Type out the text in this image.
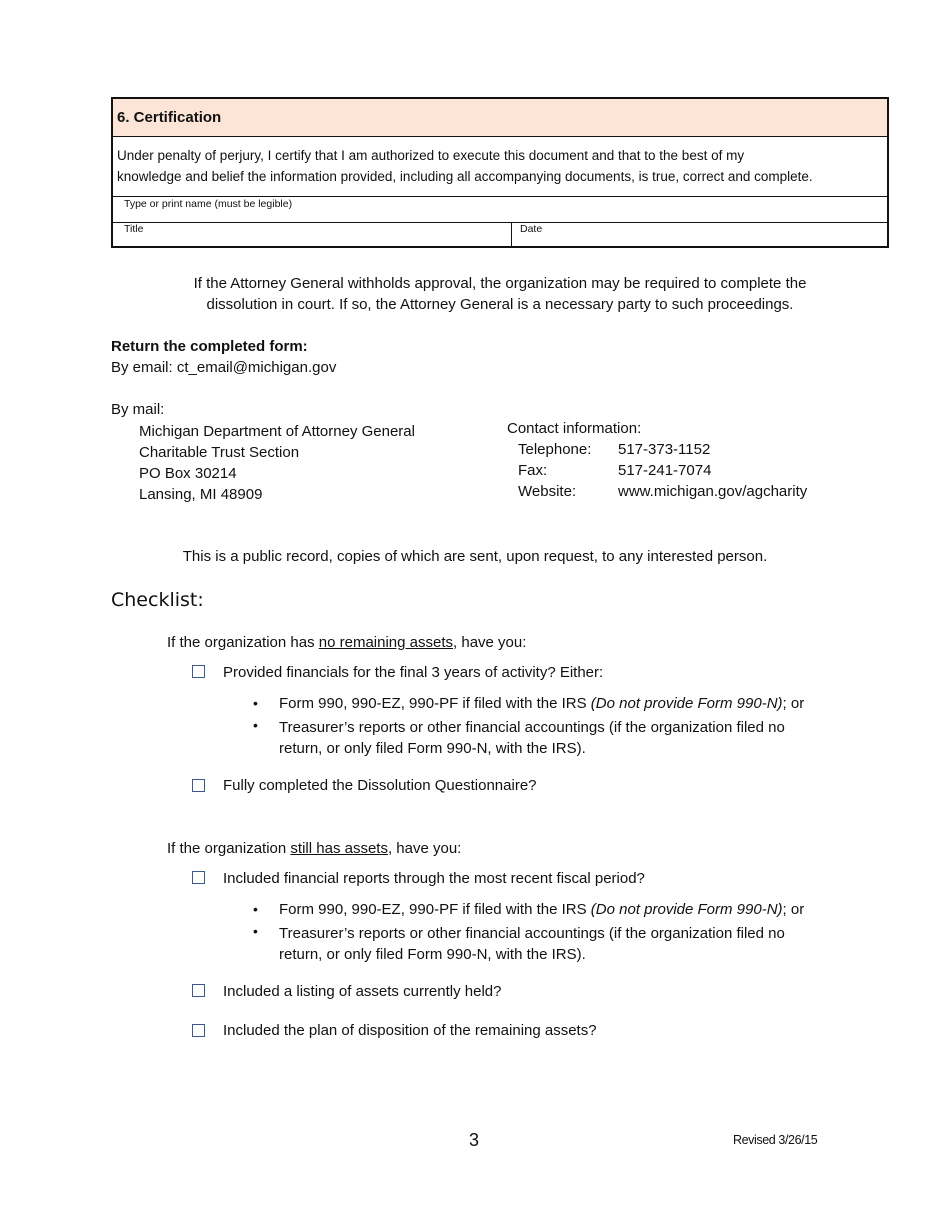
6. Certification
Under penalty of perjury, I certify that I am authorized to execute this document and that to the best of my
knowledge and belief the information provided, including all accompanying documents, is true, correct and complete.
Type or print name (must be legible)
Title	Date
If the Attorney General withholds approval, the organization may be required to complete the
dissolution in court. If so, the Attorney General is a necessary party to such proceedings.
Return the completed form:
By email: ct_email@michigan.gov
By mail:
Michigan Department of Attorney General
Charitable Trust Section
PO Box 30214
Lansing, MI 48909
Contact information:
Telephone: 517-373-1152
Fax:	517-241-7074
Website:	www.michigan.gov/agcharity
This is a public record, copies of which are sent, upon request, to any interested person.
Checklist:
If the organization has no remaining assets, have you:
Provided financials for the final 3 years of activity? Either:
• Form 990, 990-EZ, 990-PF if filed with the IRS (Do not provide Form 990-N); or
• Treasurer’s reports or other financial accountings (if the organization filed no
return, or only filed Form 990-N, with the IRS).
Fully completed the Dissolution Questionnaire?
If the organization still has assets, have you:
Included financial reports through the most recent fiscal period?
• Form 990, 990-EZ, 990-PF if filed with the IRS (Do not provide Form 990-N); or
• Treasurer’s reports or other financial accountings (if the organization filed no
return, or only filed Form 990-N, with the IRS).
Included a listing of assets currently held?
Included the plan of disposition of the remaining assets?
3	Revised 3/26/15
